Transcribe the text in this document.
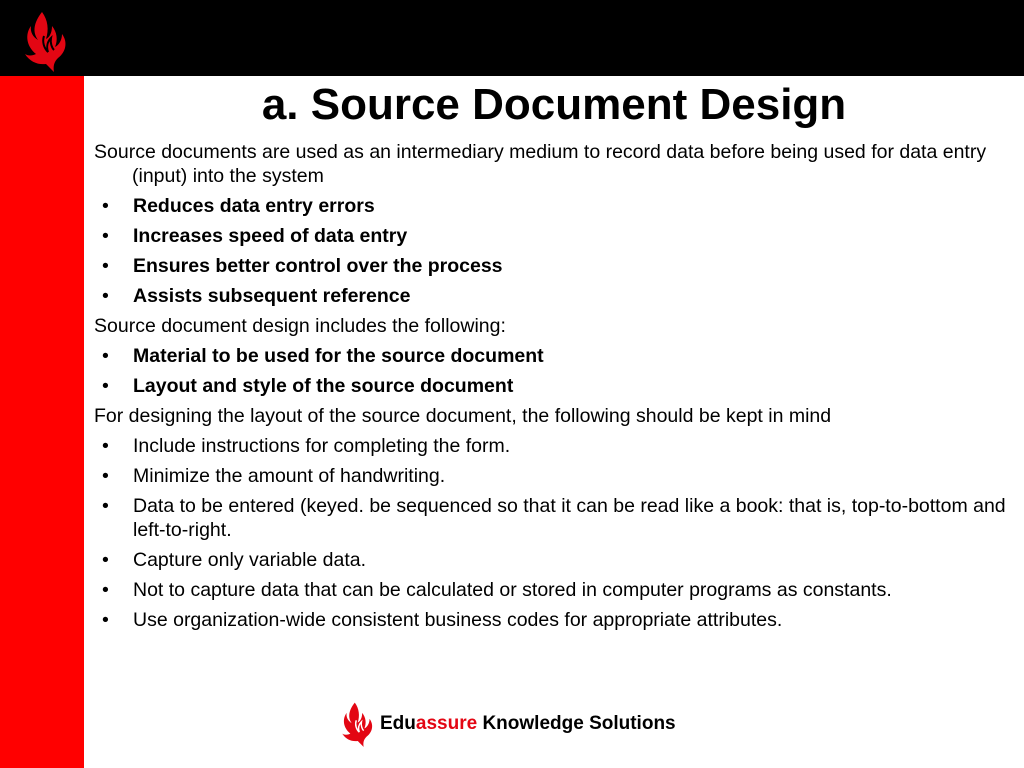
a. Source Document Design

Source documents are used as an intermediary medium to record data before being used for data entry (input) into the system

• Reduces data entry errors
• Increases speed of data entry
• Ensures better control over the process
• Assists subsequent reference

Source document design includes the following:

• Material to be used for the source document
• Layout and style of the source document

For designing the layout of the source document, the following should be kept in mind

• Include instructions for completing the form.
• Minimize the amount of handwriting.
• Data to be entered (keyed. be sequenced so that it can be read like a book: that is, top-to-bottom and left-to-right.
• Capture only variable data.
• Not to capture data that can be calculated or stored in computer programs as constants.
• Use organization-wide consistent business codes for appropriate attributes.
Eduassure Knowledge Solutions
